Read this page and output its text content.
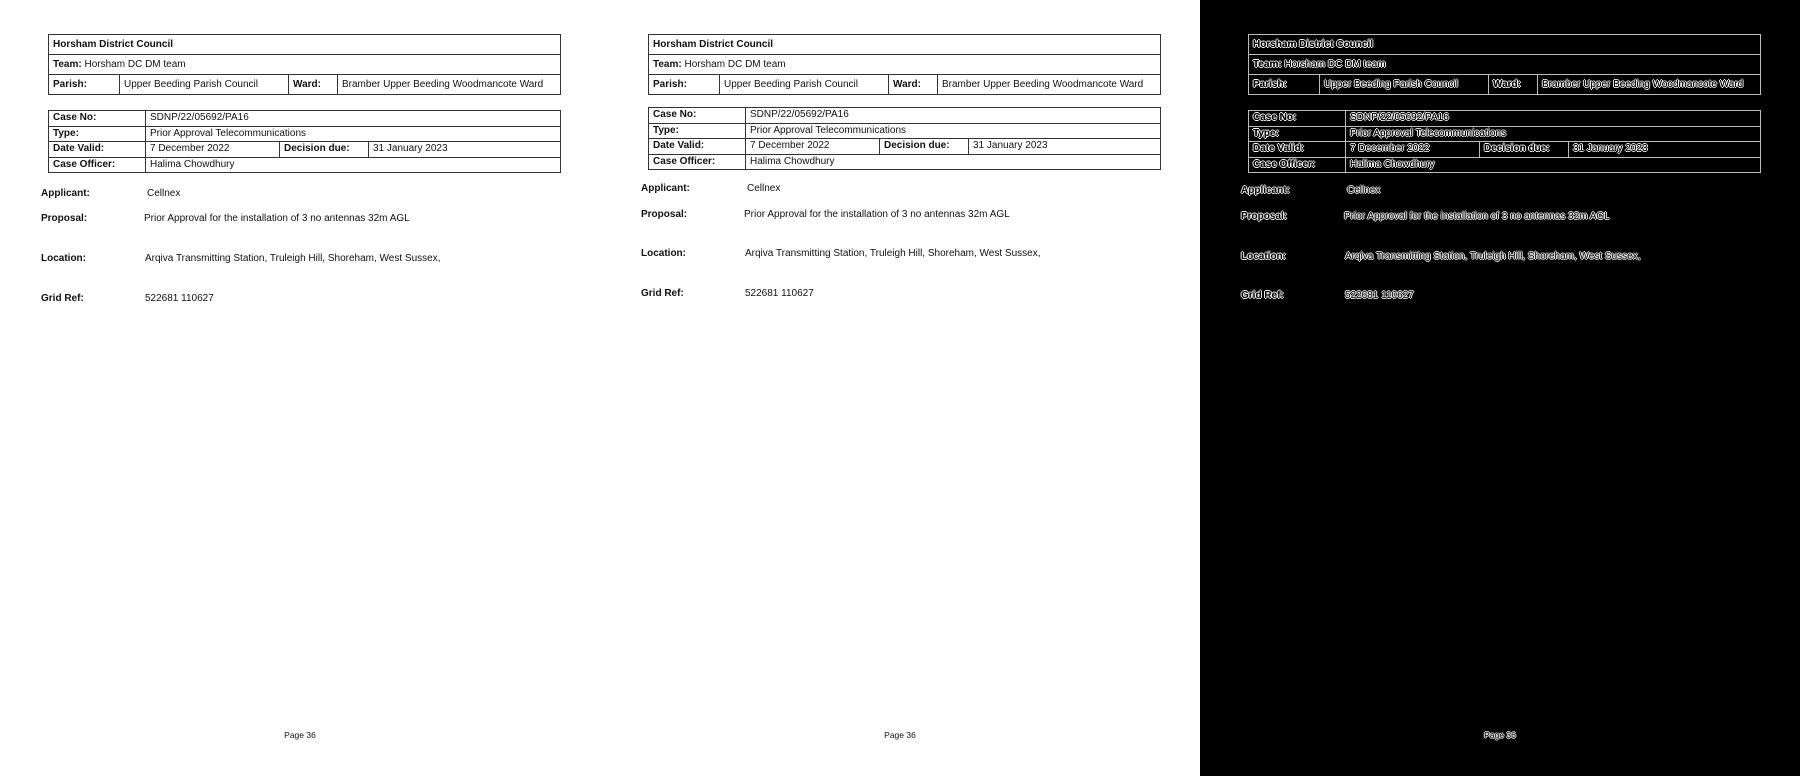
Horsham District Council
Team: Horsham DC DM team
Parish:	Upper Beeding Parish Council	Ward:	Bramber Upper Beeding Woodmancote Ward
Case No:	SDNP/22/05692/PA16		
Type:	Prior Approval Telecommunications		
Date Valid:	7 December 2022	Decision due:	31 January 2023
Case Officer:	Halima Chowdhury		
Applicant:	Cellnex
Proposal:	Prior Approval for the installation of 3 no antennas 32m AGL
Location:	Arqiva Transmitting Station, Truleigh Hill, Shoreham, West Sussex,
Grid Ref:	522681 110627
Page 36
Horsham District Council
Team: Horsham DC DM team
Parish:	Upper Beeding Parish Council	Ward:	Bramber Upper Beeding Woodmancote Ward
Case No:	SDNP/22/05692/PA16		
Type:	Prior Approval Telecommunications		
Date Valid:	7 December 2022	Decision due:	31 January 2023
Case Officer:	Halima Chowdhury		
Applicant:	Cellnex
Proposal:	Prior Approval for the installation of 3 no antennas 32m AGL
Location:	Arqiva Transmitting Station, Truleigh Hill, Shoreham, West Sussex,
Grid Ref:	522681 110627
Page 36
Horsham District Council
Team: Horsham DC DM team
Parish:	Upper Beeding Parish Council	Ward:	Bramber Upper Beeding Woodmancote Ward
Case No:	SDNP/22/05692/PA16		
Type:	Prior Approval Telecommunications		
Date Valid:	7 December 2022	Decision due:	31 January 2023
Case Officer:	Halima Chowdhury		
Applicant:	Cellnex
Proposal:	Prior Approval for the installation of 3 no antennas 32m AGL
Location:	Arqiva Transmitting Station, Truleigh Hill, Shoreham, West Sussex,
Grid Ref:	522681 110627
Page 36
